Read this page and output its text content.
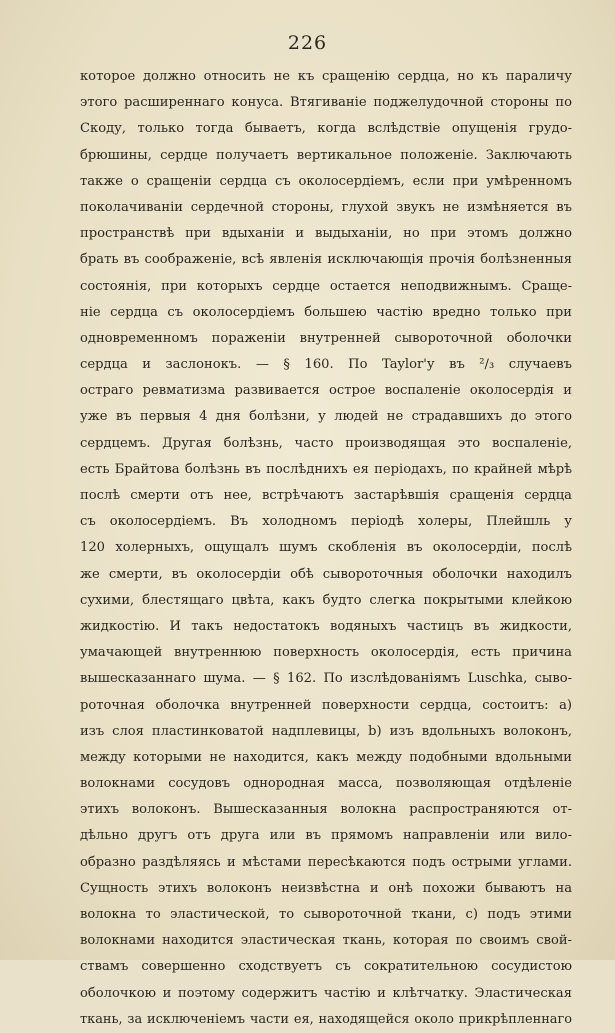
226
которое должно относить не къ сращенію сердца, но къ параличу
этого расширеннаго конуса. Втягиваніе поджелудочной стороны по
Скоду, только тогда бываетъ, когда вслѣдствіе опущенія грудо-
брюшины, сердце получаетъ вертикальное положеніе. Заключають
также о сращеніи сердца съ околосердіемъ, если при умѣренномъ
поколачиваніи сердечной стороны, глухой звукъ не измѣняется въ
пространствѣ при вдыханіи и выдыханіи, но при этомъ должно
брать въ соображеніе, всѣ явленія исключающія прочія болѣзненныя
состоянія, при которыхъ сердце остается неподвижнымъ. Сраще-
ніе сердца съ околосердіемъ большею частію вредно только при
одновременномъ пораженіи внутренней сывороточной оболочки
сердца и заслонокъ. — § 160. По Taylor'у въ ²/₃ случаевъ
остраго ревматизма развивается острое воспаленіе околосердія и
уже въ первыя 4 дня болѣзни, у людей не страдавшихъ до этого
сердцемъ. Другая болѣзнь, часто производящая это воспаленіе,
есть Брайтова болѣзнь въ послѣднихъ ея періодахъ, по крайней мѣрѣ
послѣ смерти отъ нее, встрѣчаютъ застарѣвшія сращенія сердца
съ околосердіемъ. Въ холодномъ періодѣ холеры, Плейшль у
120 холерныхъ, ощущалъ шумъ скобленія въ околосердіи, послѣ
же смерти, въ околосердіи обѣ сывороточныя оболочки находилъ
сухими, блестящаго цвѣта, какъ будто слегка покрытыми клейкою
жидкостію. И такъ недостатокъ водяныхъ частицъ въ жидкости,
умачающей внутреннюю поверхность околосердія, есть причина
вышесказаннаго шума. — § 162. По изслѣдованіямъ Luschka, сыво-
роточная оболочка внутренней поверхности сердца, состоитъ: а)
изъ слоя пластинковатой надплевицы, b) изъ вдольныхъ волоконъ,
между которыми не находится, какъ между подобными вдольными
волокнами сосудовъ однородная масса, позволяющая отдѣленіе
этихъ волоконъ. Вышесказанныя волокна распространяются от-
дѣльно другъ отъ друга или въ прямомъ направленіи или вило-
образно раздѣляясь и мѣстами пересѣкаются подъ острыми углами.
Сущность этихъ волоконъ неизвѣстна и онѣ похожи бываютъ на
волокна то эластической, то сывороточной ткани, c) подъ этими
волокнами находится эластическая ткань, которая по своимъ свой-
ствамъ совершенно сходствуетъ съ сократительною сосудистою
оболочкою и поэтому содержитъ частію и клѣтчатку. Эластическая
ткань, за исключеніемъ части ея, находящейся около прикрѣпленнаго
